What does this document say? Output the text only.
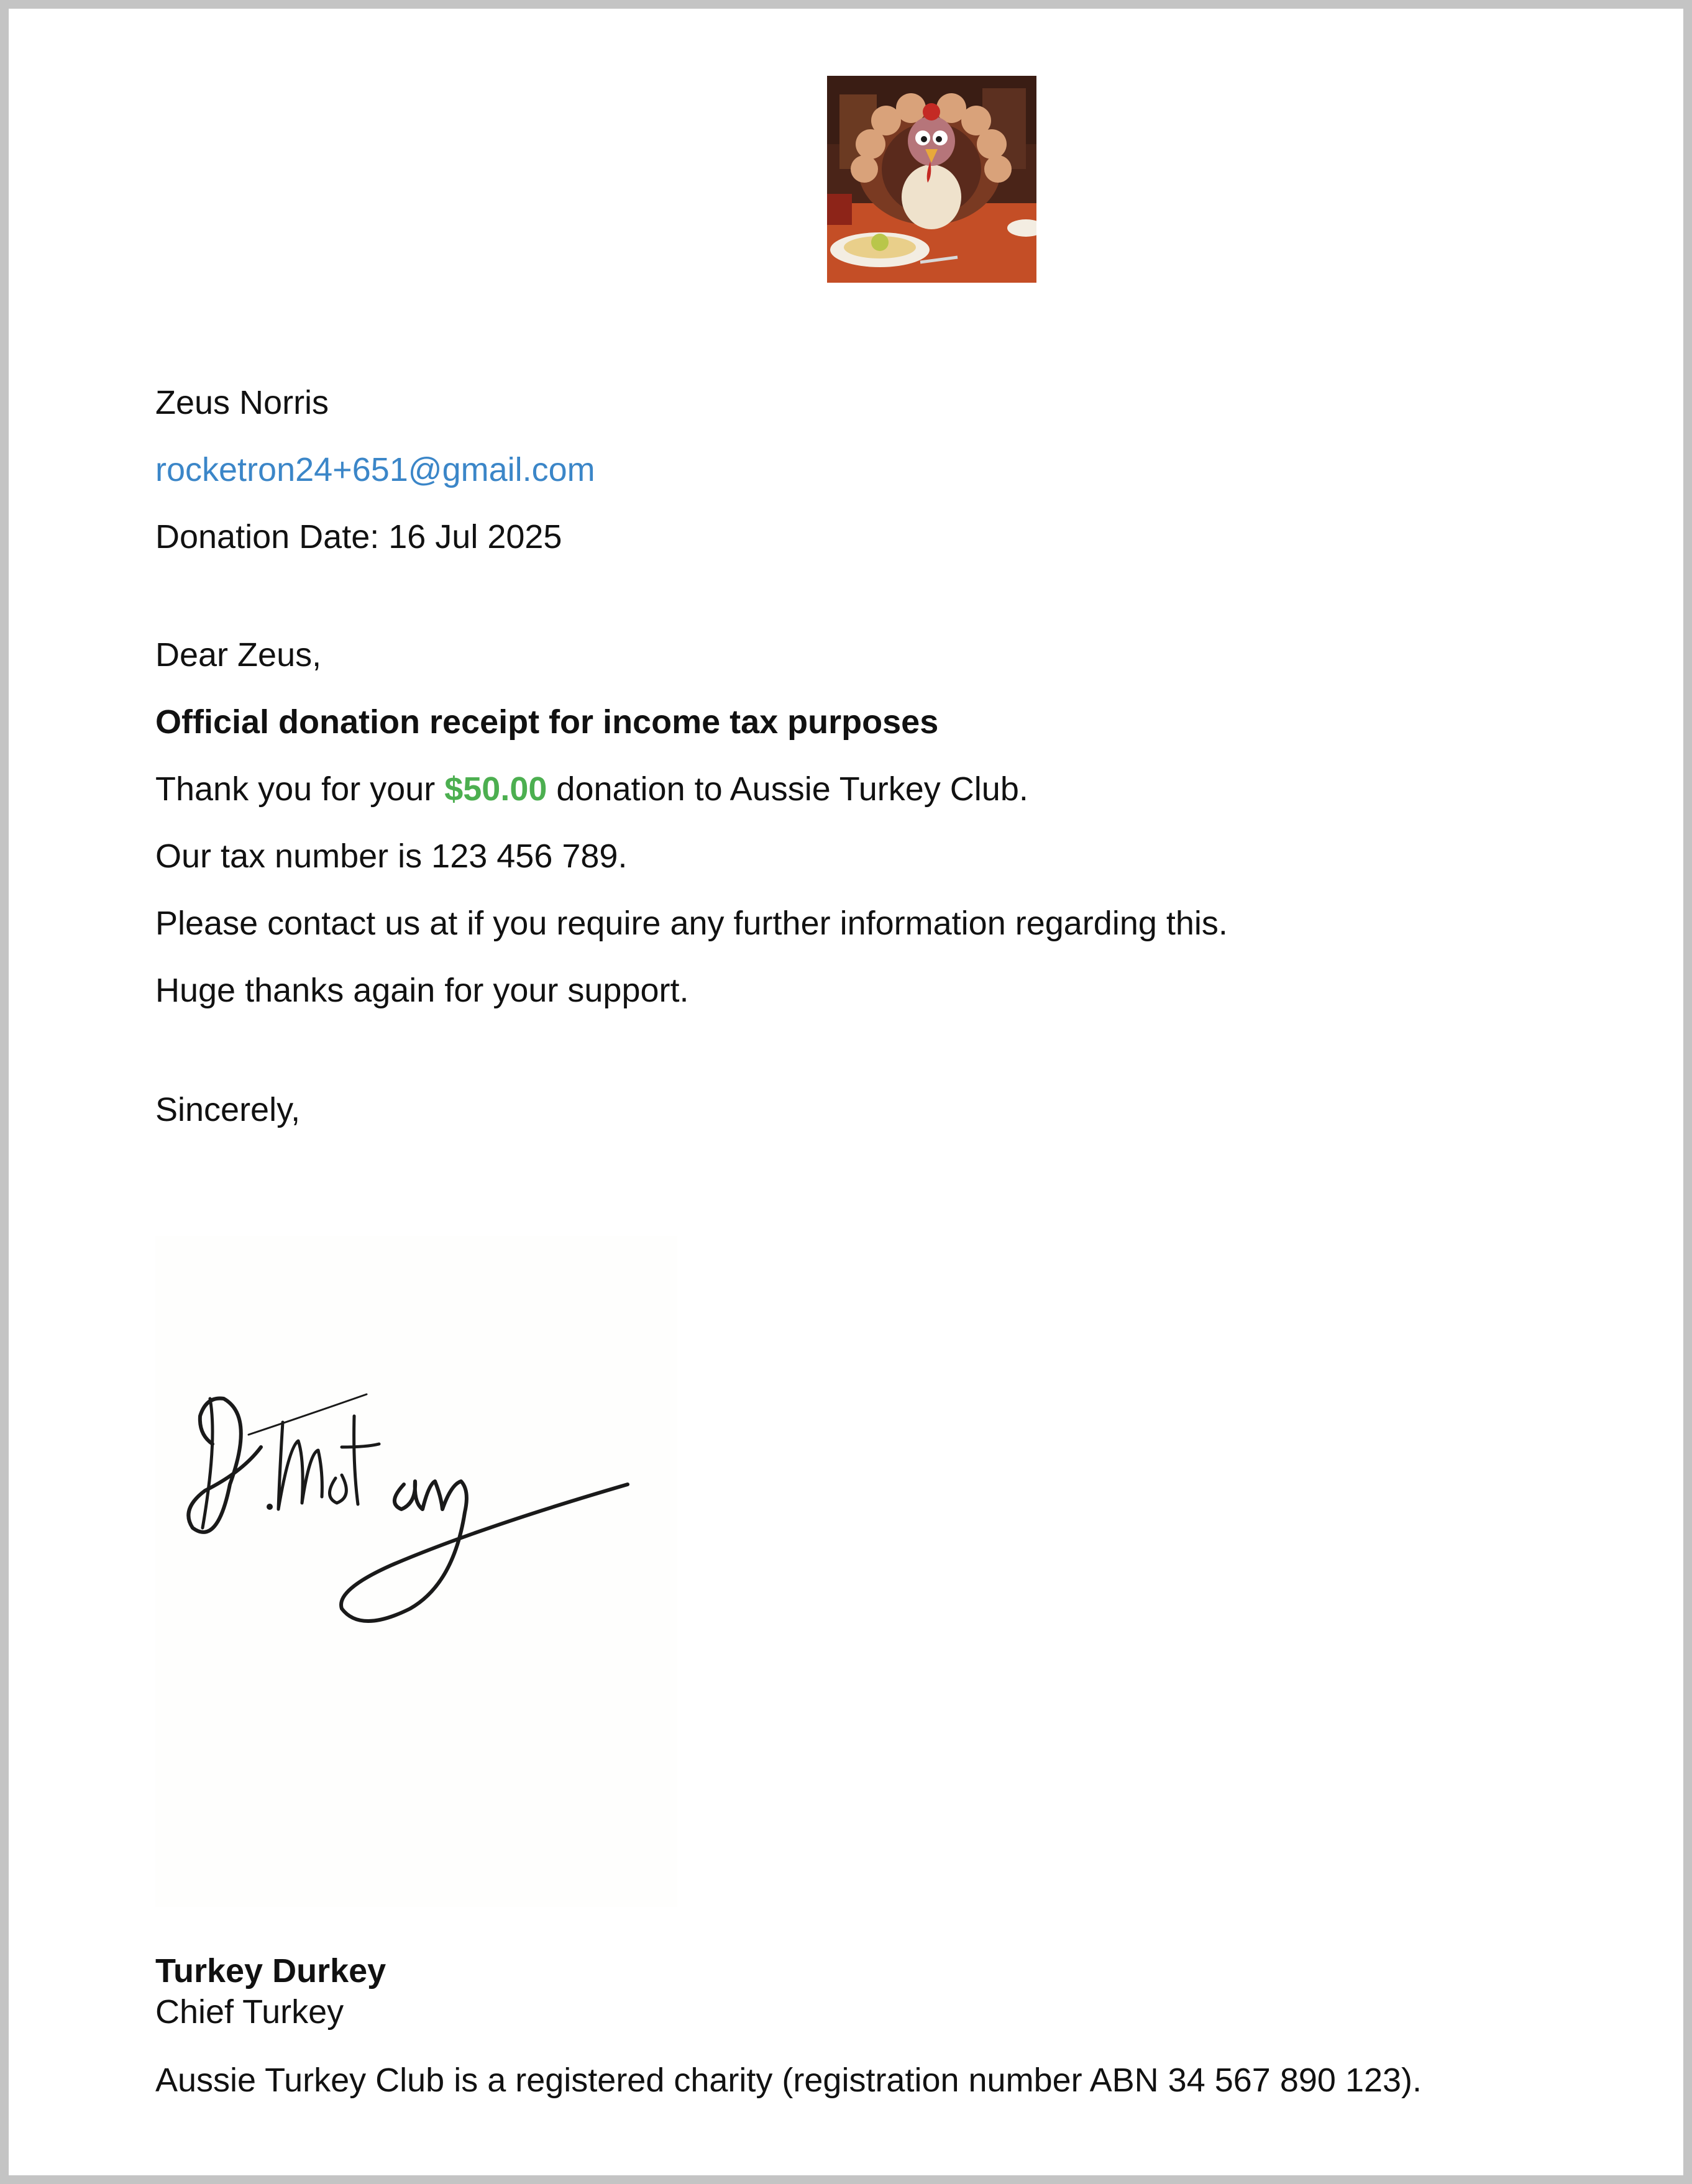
Zeus Norris
rocketron24+651@gmail.com
Donation Date: 16 Jul 2025
Dear Zeus,
Official donation receipt for income tax purposes
Thank you for your $50.00 donation to Aussie Turkey Club.
Our tax number is 123 456 789.
Please contact us at if you require any further information regarding this.
Huge thanks again for your support.
Sincerely,
Turkey Durkey
Chief Turkey
Aussie Turkey Club is a registered charity (registration number ABN 34 567 890 123).
